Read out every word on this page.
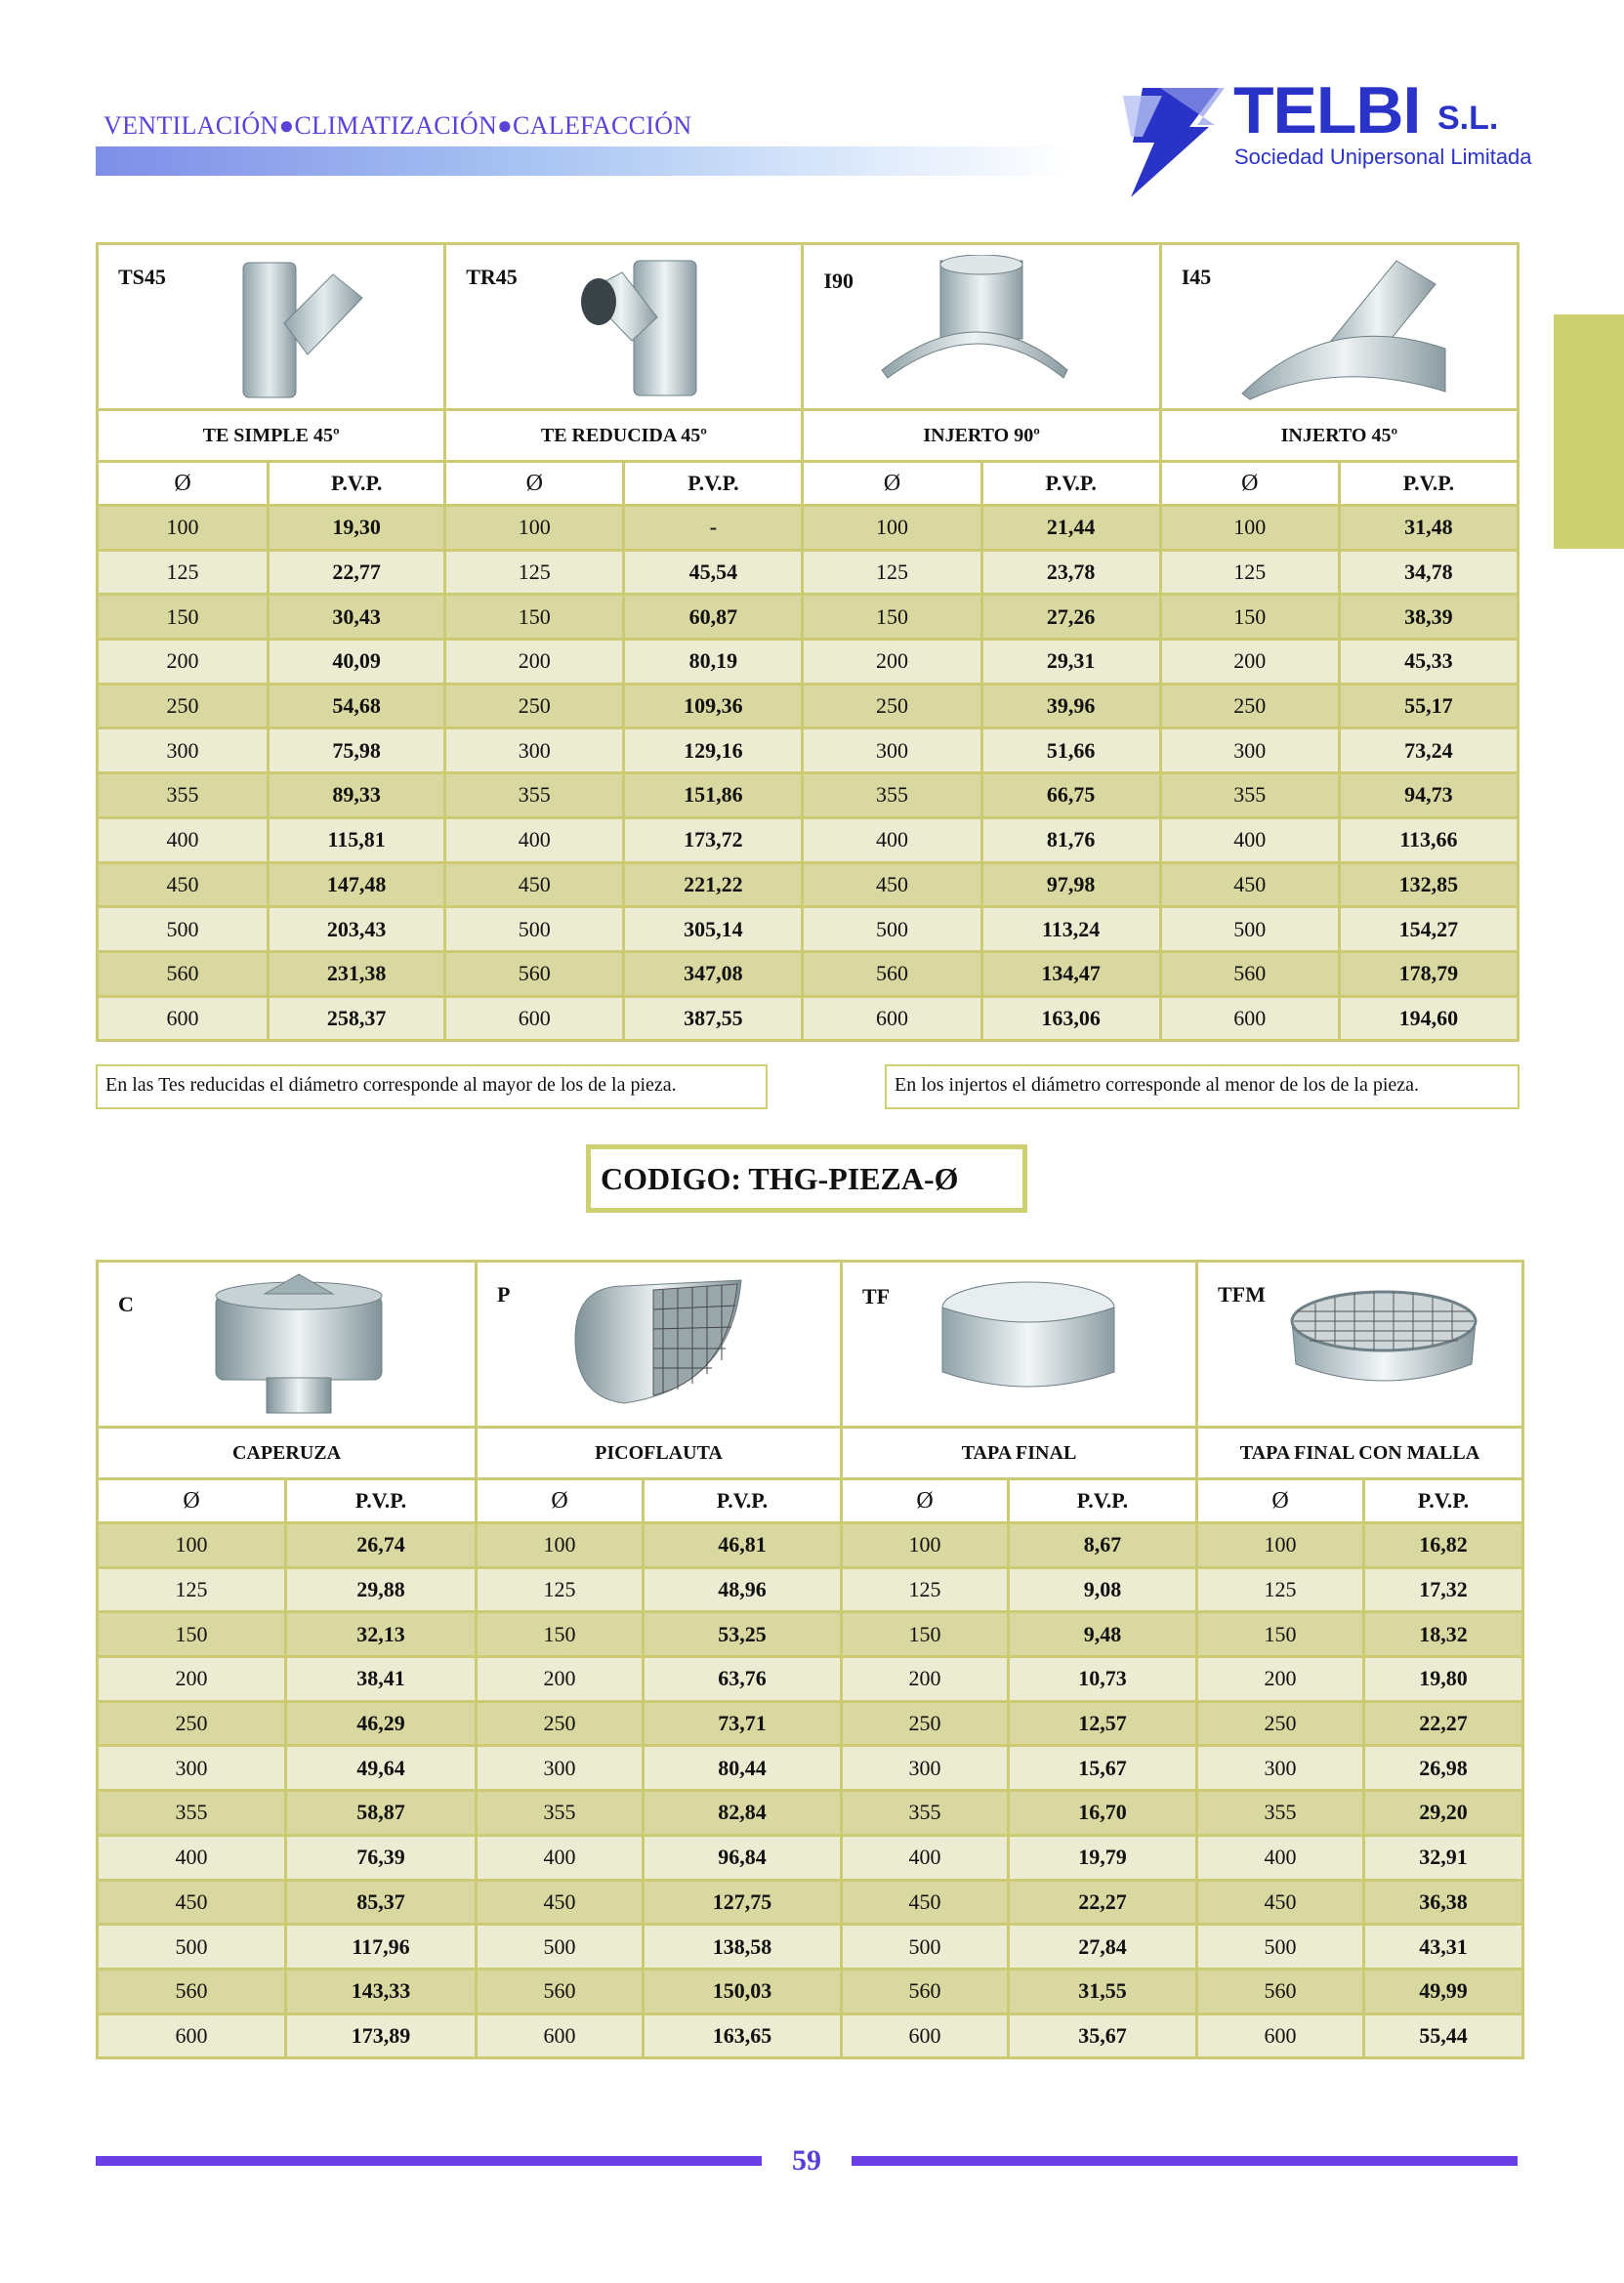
VENTILACIÓN●CLIMATIZACIÓN●CALEFACCIÓN	TELBI S.L.
Sociedad Unipersonal Limitada
TS45		TR45		I90		I45	

TE SIMPLE 45º		TE REDUCIDA 45º		INJERTO 90º		INJERTO 45º	
Ø	P.V.P.	Ø	P.V.P.	Ø	P.V.P.	Ø	P.V.P.
100	19,30	100	-	100	21,44	100	31,48
125	22,77	125	45,54	125	23,78	125	34,78
150	30,43	150	60,87	150	27,26	150	38,39
200	40,09	200	80,19	200	29,31	200	45,33
250	54,68	250	109,36	250	39,96	250	55,17
300	75,98	300	129,16	300	51,66	300	73,24
355	89,33	355	151,86	355	66,75	355	94,73
400	115,81	400	173,72	400	81,76	400	113,66
450	147,48	450	221,22	450	97,98	450	132,85
500	203,43	500	305,14	500	113,24	500	154,27
560	231,38	560	347,08	560	134,47	560	178,79
600	258,37	600	387,55	600	163,06	600	194,60
En las Tes reducidas el diámetro corresponde al mayor de los de la pieza.	En los injertos el diámetro corresponde al menor de los de la pieza.
CODIGO: THG-PIEZA-Ø
C		P		TF		TFM	

CAPERUZA		PICOFLAUTA		TAPA FINAL		TAPA FINAL CON MALLA	
Ø	P.V.P.	Ø	P.V.P.	Ø	P.V.P.	Ø	P.V.P.
100	26,74	100	46,81	100	8,67	100	16,82
125	29,88	125	48,96	125	9,08	125	17,32
150	32,13	150	53,25	150	9,48	150	18,32
200	38,41	200	63,76	200	10,73	200	19,80
250	46,29	250	73,71	250	12,57	250	22,27
300	49,64	300	80,44	300	15,67	300	26,98
355	58,87	355	82,84	355	16,70	355	29,20
400	76,39	400	96,84	400	19,79	400	32,91
450	85,37	450	127,75	450	22,27	450	36,38
500	117,96	500	138,58	500	27,84	500	43,31
560	143,33	560	150,03	560	31,55	560	49,99
600	173,89	600	163,65	600	35,67	600	55,44
59
